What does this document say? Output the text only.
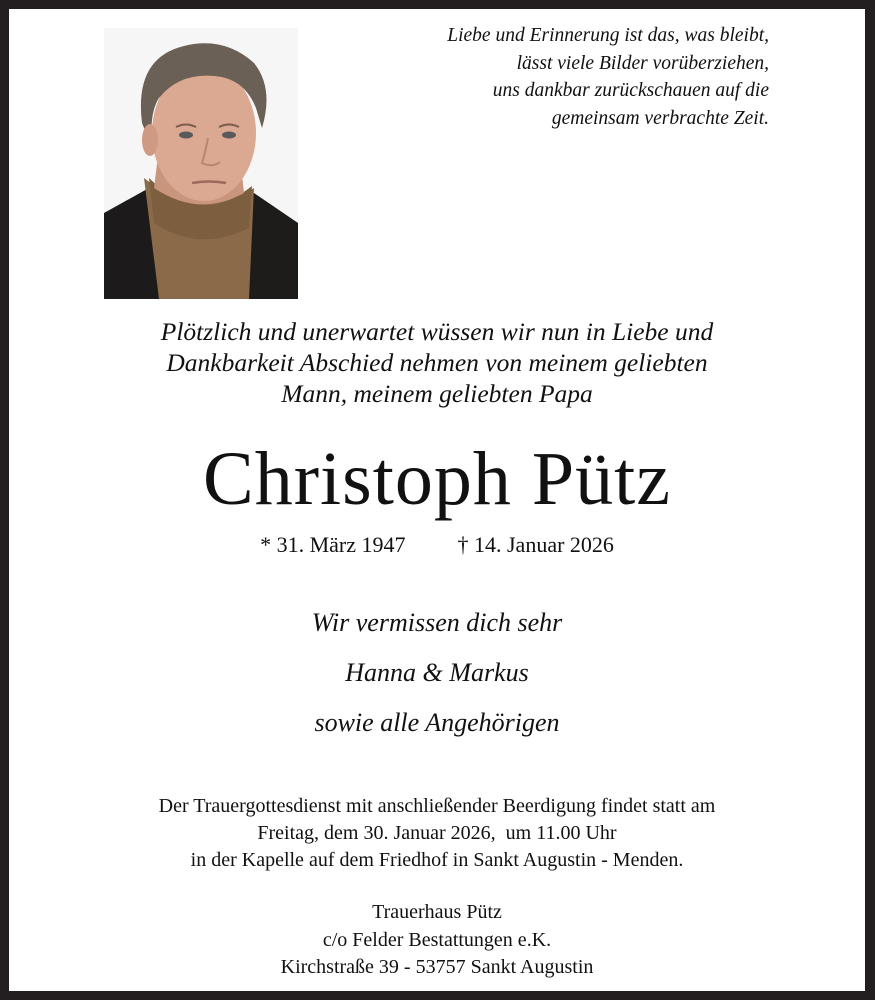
Liebe und Erinnerung ist das, was bleibt,
lässt viele Bilder vorüberziehen,
uns dankbar zurückschauen auf die
gemeinsam verbrachte Zeit.
Plötzlich und unerwartet wüssen wir nun in Liebe und
Dankbarkeit Abschied nehmen von meinem geliebten
Mann, meinem geliebten Papa
Christoph Pütz
* 31. März 1947 † 14. Januar 2026
Wir vermissen dich sehr
Hanna & Markus
sowie alle Angehörigen
Der Trauergottesdienst mit anschließender Beerdigung findet statt am
Freitag, dem 30. Januar 2026,  um 11.00 Uhr
in der Kapelle auf dem Friedhof in Sankt Augustin - Menden.
Trauerhaus Pütz
c/o Felder Bestattungen e.K.
Kirchstraße 39 - 53757 Sankt Augustin
